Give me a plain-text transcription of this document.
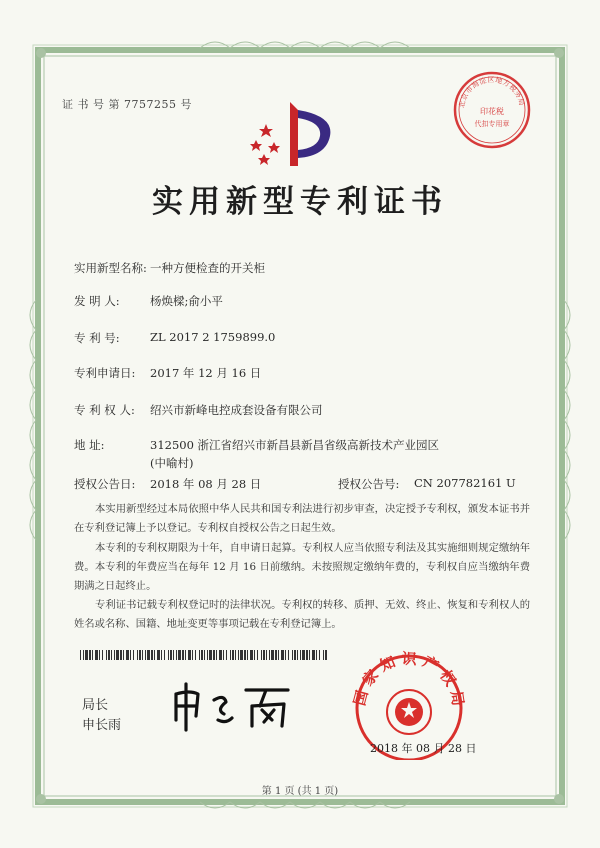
证 书 号 第 7757255 号	北京市海淀区地方税务局
印花税
代扣专用章
实用新型专利证书
实用新型名称: 一种方便检查的开关柜
发 明 人:	杨焕樑;俞小平
专 利 号:	ZL 2017 2 1759899.0
专利申请日: 2017 年 12 月 16 日
专 利 权 人: 绍兴市新峰电控成套设备有限公司
地 址:	312500 浙江省绍兴市新昌县新昌省级高新技术产业园区
(中喻村)
授权公告日: 2018 年 08 月 28 日	授权公告号: CN 207782161 U
本实用新型经过本局依照中华人民共和国专利法进行初步审查，决定授予专利权，颁发本证书并在专利登记簿上予以登记。专利权自授权公告之日起生效。
本专利的专利权期限为十年，自申请日起算。专利权人应当依照专利法及其实施细则规定缴纳年费。本专利的年费应当在每年 12 月 16 日前缴纳。未按照规定缴纳年费的，专利权自应当缴纳年费期满之日起终止。
专利证书记载专利权登记时的法律状况。专利权的转移、质押、无效、终止、恢复和专利权人的姓名或名称、国籍、地址变更等事项记载在专利登记簿上。
局长
申长雨
国家知识产权局
2018 年 08 月 28 日
第 1 页 (共 1 页)
